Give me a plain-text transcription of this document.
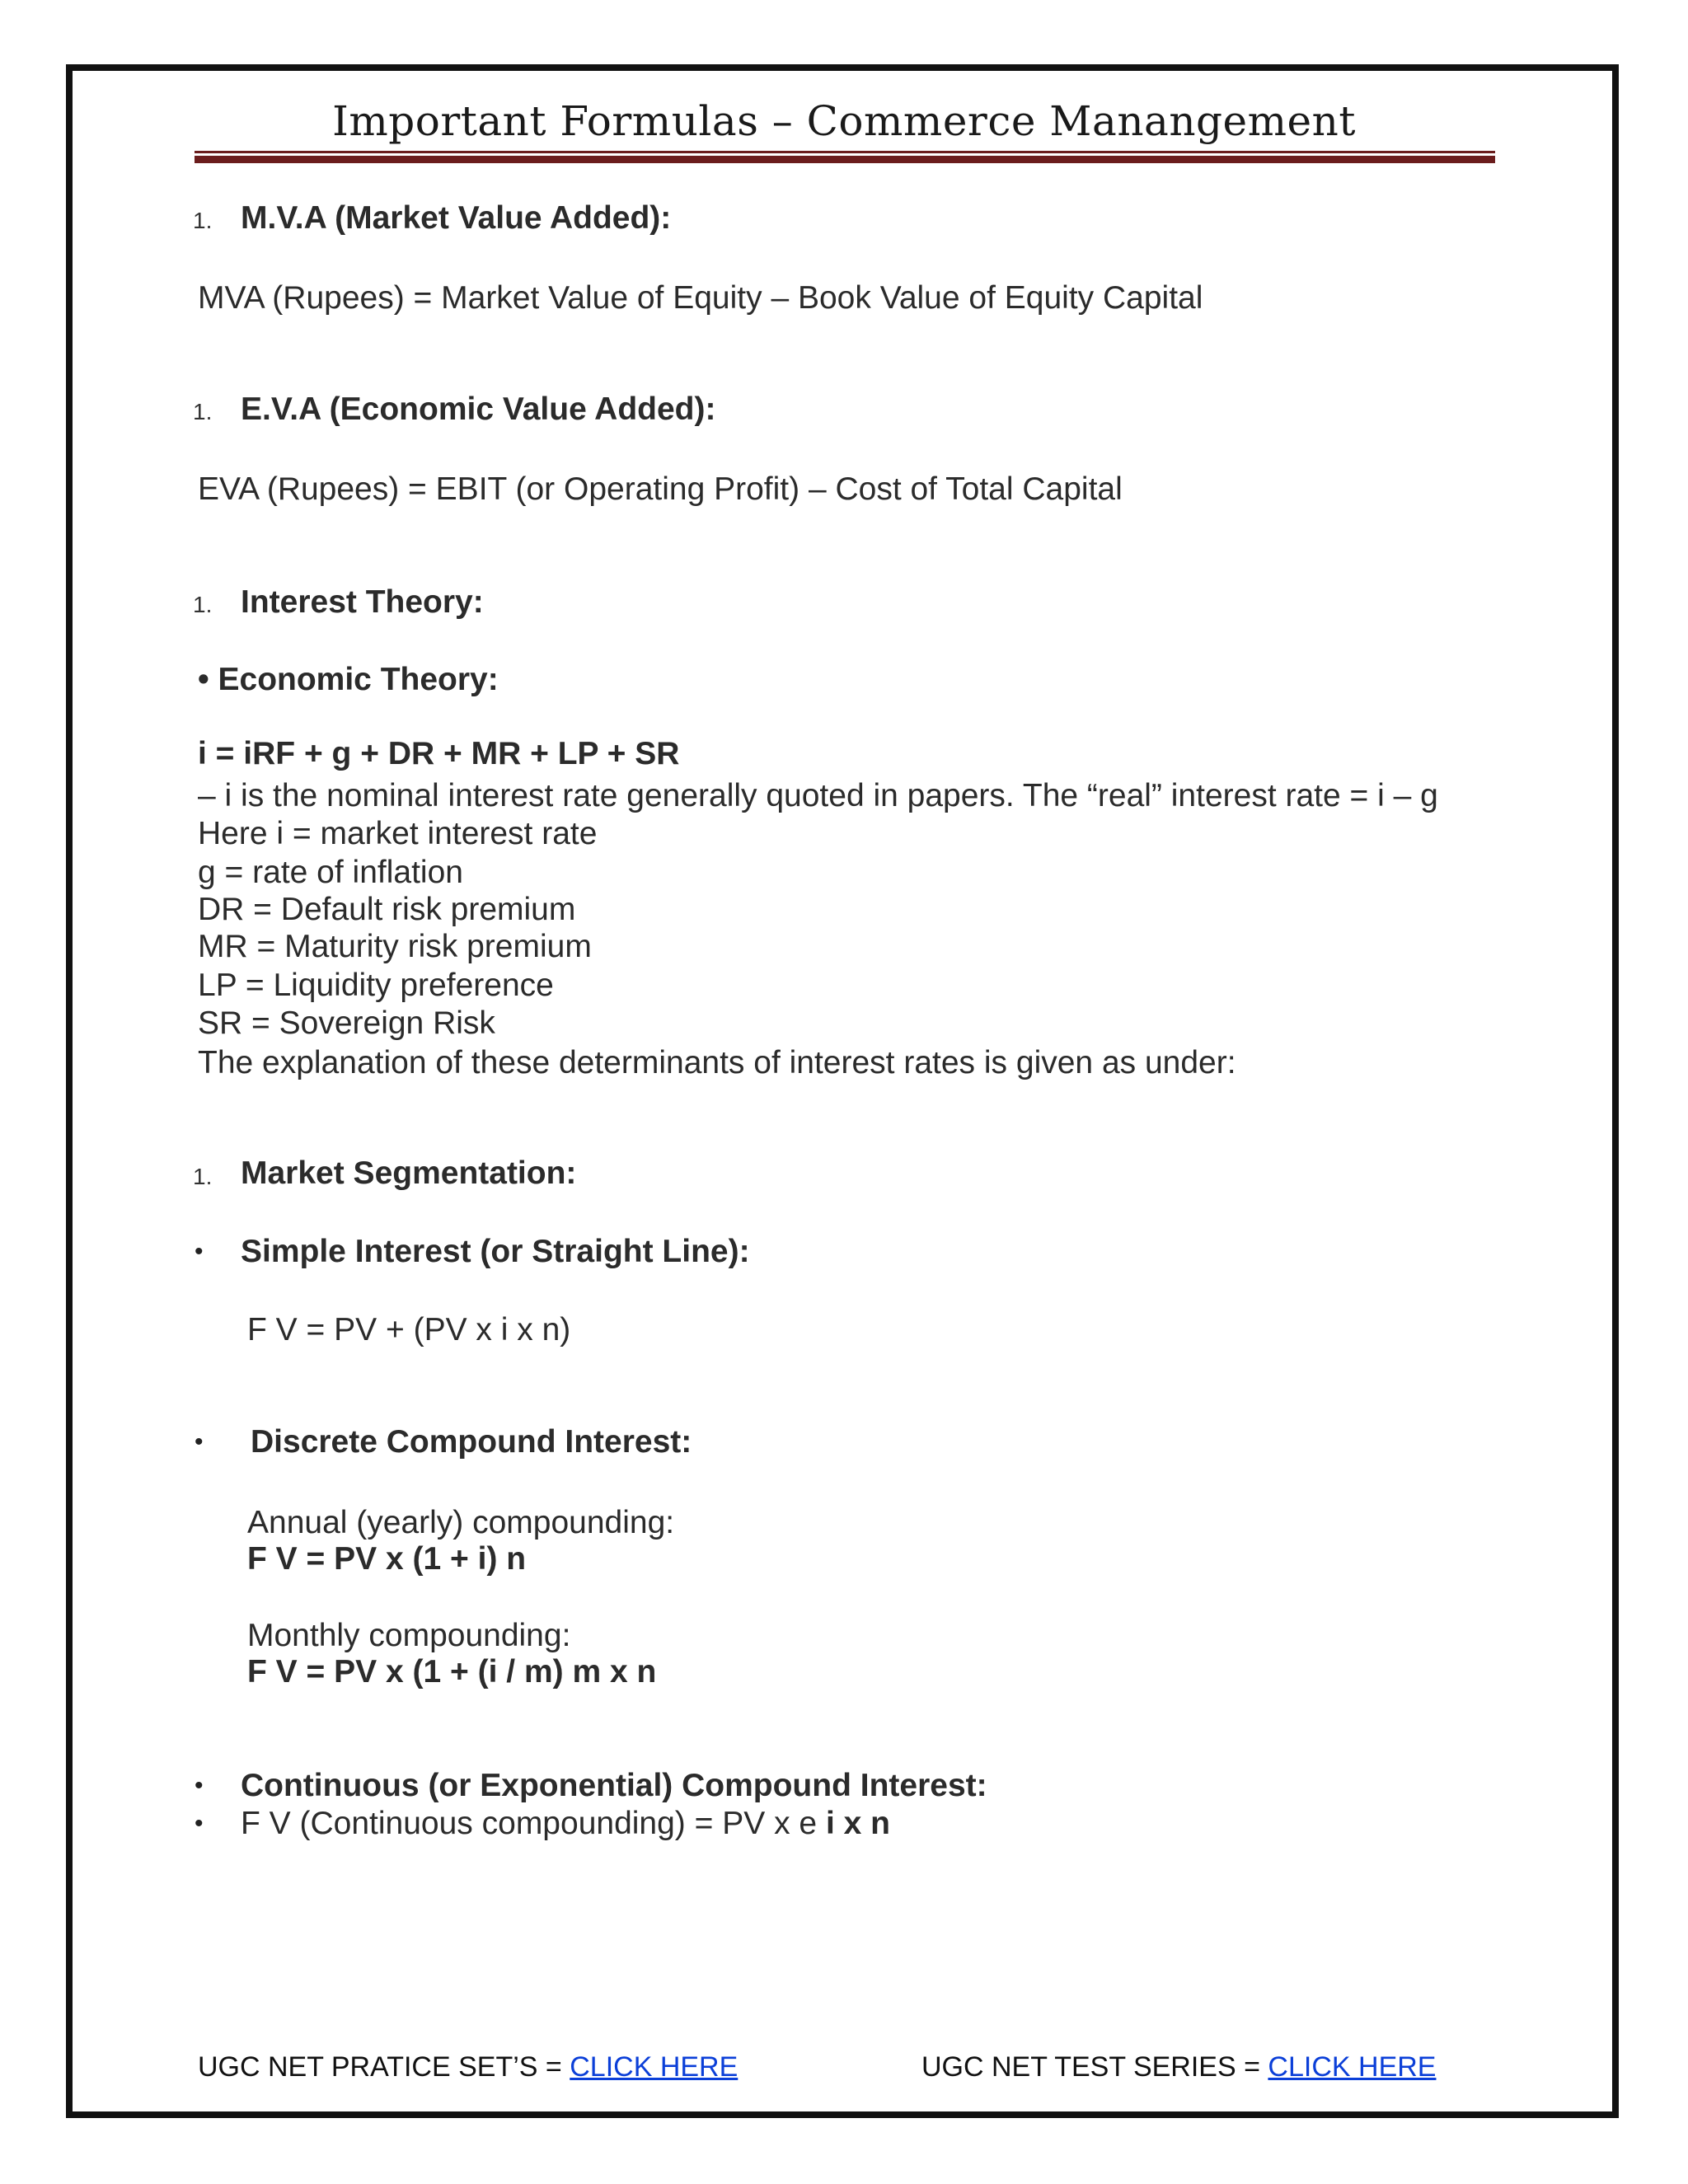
Important Formulas – Commerce Manangement
1. M.V.A (Market Value Added):
MVA (Rupees) = Market Value of Equity – Book Value of Equity Capital
1. E.V.A (Economic Value Added):
EVA (Rupees) = EBIT (or Operating Profit) – Cost of Total Capital
1. Interest Theory:
• Economic Theory:
i = iRF + g + DR + MR + LP + SR
– i is the nominal interest rate generally quoted in papers. The “real” interest rate = i – g
Here i = market interest rate
g = rate of inflation
DR = Default risk premium
MR = Maturity risk premium
LP = Liquidity preference
SR = Sovereign Risk
The explanation of these determinants of interest rates is given as under:
1. Market Segmentation:
• Simple Interest (or Straight Line):
F V = PV + (PV x i x n)
• Discrete Compound Interest:
Annual (yearly) compounding:
F V = PV x (1 + i) n
Monthly compounding:
F V = PV x (1 + (i / m) m x n
• Continuous (or Exponential) Compound Interest:
• F V (Continuous compounding) = PV x e i x n
UGC NET PRATICE SET’S = CLICK HERE	UGC NET TEST SERIES = CLICK HERE
